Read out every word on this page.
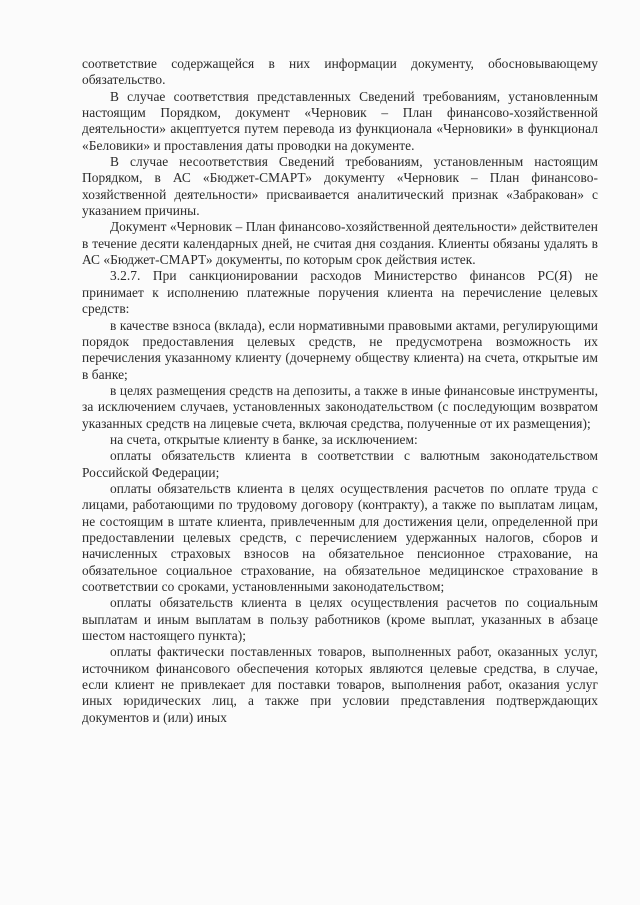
соответствие содержащейся в них информации документу, обосновывающему обязательство.

В случае соответствия представленных Сведений требованиям, установленным настоящим Порядком, документ «Черновик – План финансово-хозяйственной деятельности» акцептуется путем перевода из функционала «Черновики» в функционал «Беловики» и проставления даты проводки на документе.

В случае несоответствия Сведений требованиям, установленным настоящим Порядком, в АС «Бюджет-СМАРТ» документу «Черновик – План финансово-хозяйственной деятельности» присваивается аналитический признак «Забракован» с указанием причины.

Документ «Черновик – План финансово-хозяйственной деятельности» действителен в течение десяти календарных дней, не считая дня создания. Клиенты обязаны удалять в АС «Бюджет-СМАРТ» документы, по которым срок действия истек.

3.2.7. При санкционировании расходов Министерство финансов РС(Я) не принимает к исполнению платежные поручения клиента на перечисление целевых средств:

в качестве взноса (вклада), если нормативными правовыми актами, регулирующими порядок предоставления целевых средств, не предусмотрена возможность их перечисления указанному клиенту (дочернему обществу клиента) на счета, открытые им в банке;

в целях размещения средств на депозиты, а также в иные финансовые инструменты, за исключением случаев, установленных законодательством (с последующим возвратом указанных средств на лицевые счета, включая средства, полученные от их размещения);

на счета, открытые клиенту в банке, за исключением:

оплаты обязательств клиента в соответствии с валютным законодательством Российской Федерации;

оплаты обязательств клиента в целях осуществления расчетов по оплате труда с лицами, работающими по трудовому договору (контракту), а также по выплатам лицам, не состоящим в штате клиента, привлеченным для достижения цели, определенной при предоставлении целевых средств, с перечислением удержанных налогов, сборов и начисленных страховых взносов на обязательное пенсионное страхование, на обязательное социальное страхование, на обязательное медицинское страхование в соответствии со сроками, установленными законодательством;

оплаты обязательств клиента в целях осуществления расчетов по социальным выплатам и иным выплатам в пользу работников (кроме выплат, указанных в абзаце шестом настоящего пункта);

оплаты фактически поставленных товаров, выполненных работ, оказанных услуг, источником финансового обеспечения которых являются целевые средства, в случае, если клиент не привлекает для поставки товаров, выполнения работ, оказания услуг иных юридических лиц, а также при условии представления подтверждающих документов и (или) иных
